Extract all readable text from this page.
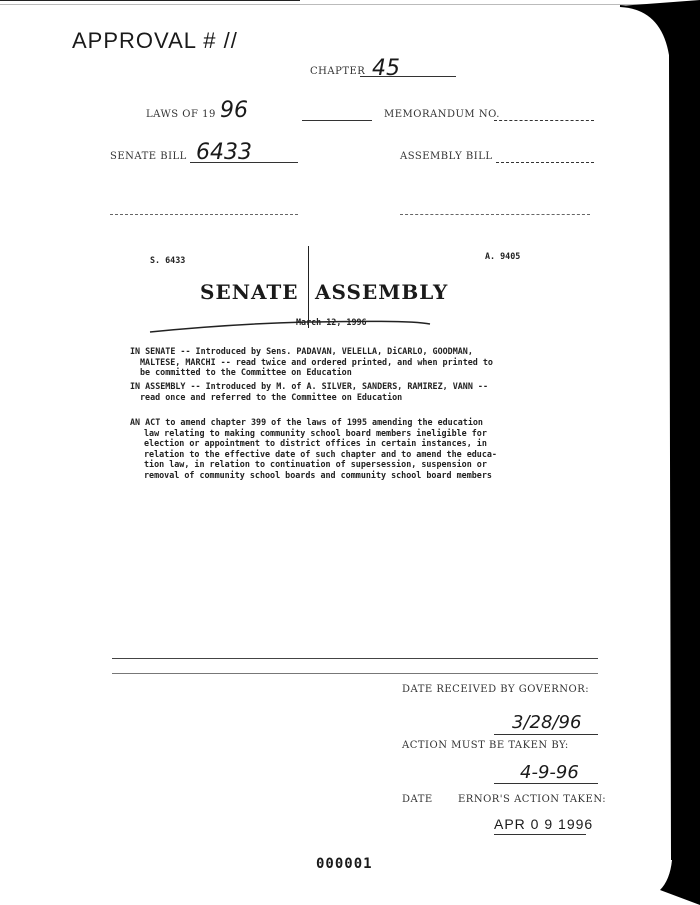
APPROVAL # //
CHAPTER 45
LAWS OF 19 96	MEMORANDUM NO.
SENATE BILL 6433	ASSEMBLY BILL
S. 6433	A. 9405
SENATE ASSEMBLY
March 12, 1996
IN SENATE -- Introduced by Sens. PADAVAN, VELELLA, DiCARLO, GOODMAN,
MALTESE, MARCHI -- read twice and ordered printed, and when printed to
be committed to the Committee on Education
IN ASSEMBLY -- Introduced by M. of A. SILVER, SANDERS, RAMIREZ, VANN --
read once and referred to the Committee on Education
AN ACT to amend chapter 399 of the laws of 1995 amending the education
law relating to making community school board members ineligible for
election or appointment to district offices in certain instances, in
relation to the effective date of such chapter and to amend the educa-
tion law, in relation to continuation of supersession, suspension or
removal of community school boards and community school board members
DATE RECEIVED BY GOVERNOR:
3/28/96
ACTION MUST BE TAKEN BY:
4-9-96
DATE	ERNOR'S ACTION TAKEN:
APR 0 9 1996
000001
